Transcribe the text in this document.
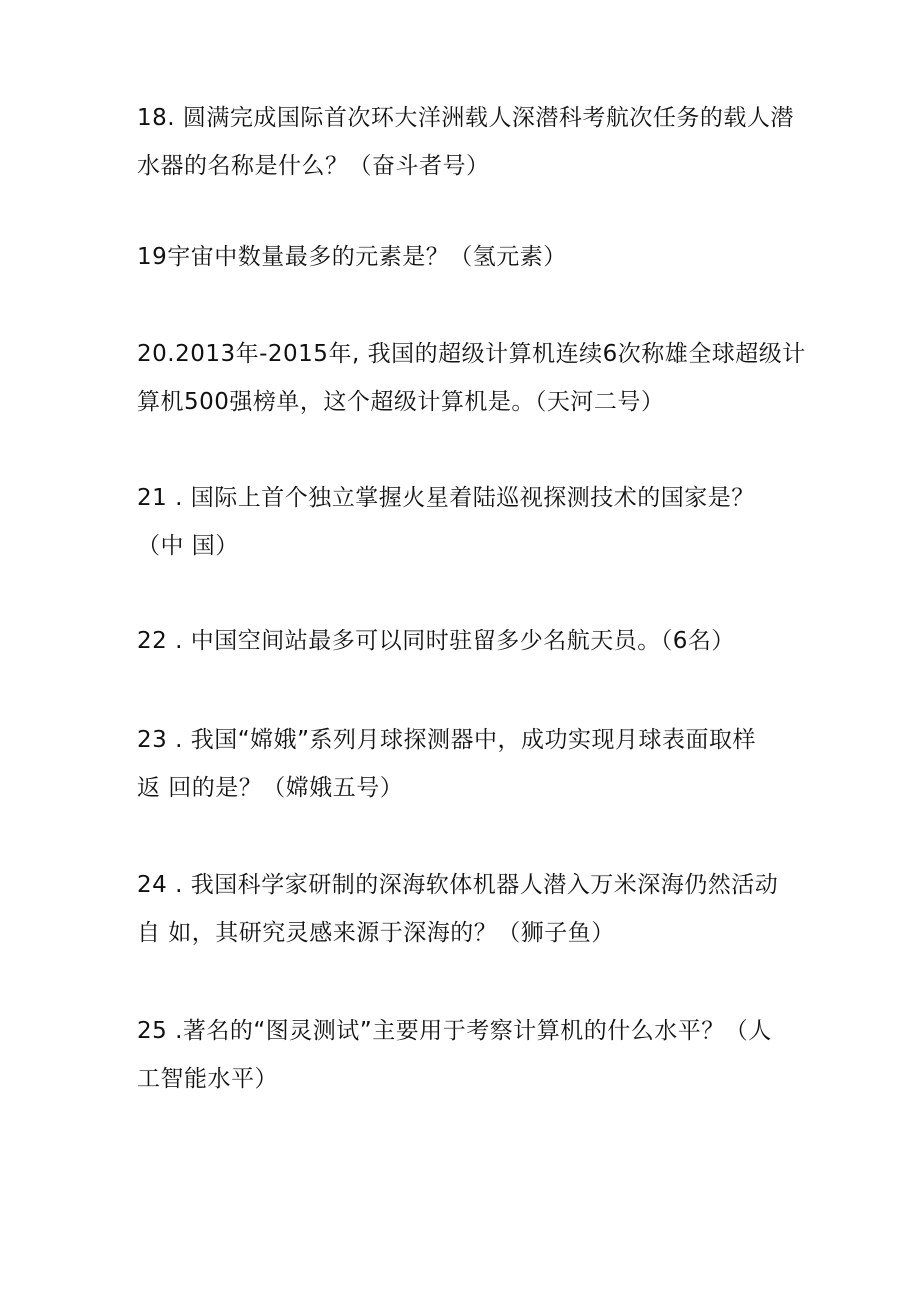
18. 圆满完成国际首次环大洋洲载人深潜科考航次任务的载人潜
水器的名称是什么？（奋斗者号）
19宇宙中数量最多的元素是？（氢元素）
20.2013年-2015年, 我国的超级计算机连续6次称雄全球超级计
算机500强榜单，这个超级计算机是。（天河二号）
21 . 国际上首个独立掌握火星着陆巡视探测技术的国家是？
（中 国）
22 . 中国空间站最多可以同时驻留多少名航天员。（6名）
23 . 我国“嫦娥”系列月球探测器中，成功实现月球表面取样
返 回的是？（嫦娥五号）
24 . 我国科学家研制的深海软体机器人潜入万米深海仍然活动
自 如，其研究灵感来源于深海的？（狮子鱼）
25 .著名的“图灵测试”主要用于考察计算机的什么水平？（人
工智能水平）
